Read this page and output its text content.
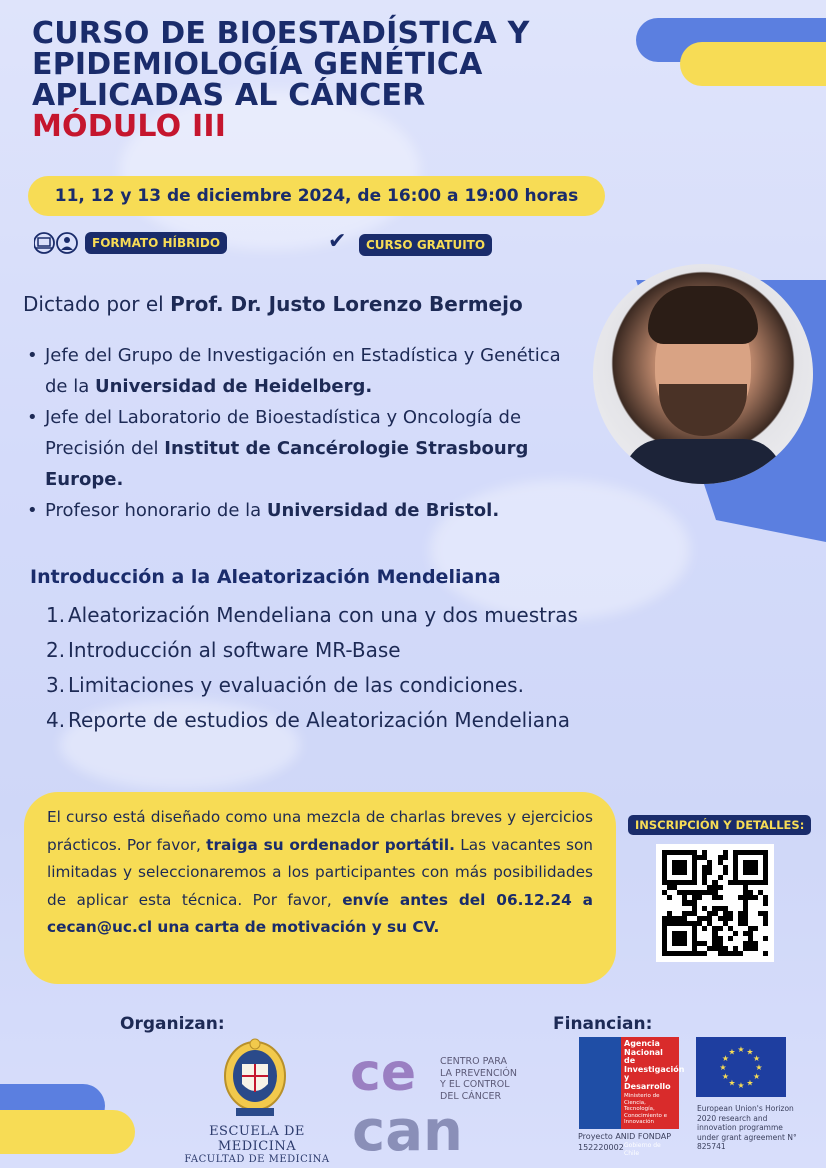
CURSO DE BIOESTADÍSTICA Y
EPIDEMIOLOGÍA GENÉTICA
APLICADAS AL CÁNCER
MÓDULO III
11, 12 y 13 de diciembre 2024, de 16:00 a 19:00 horas
FORMATO HÍBRIDO	✔	CURSO GRATUITO
Dictado por el Prof. Dr. Justo Lorenzo Bermejo
• Jefe del Grupo de Investigación en Estadística y Genética de la Universidad de Heidelberg.
• Jefe del Laboratorio de Bioestadística y Oncología de Precisión del Institut de Cancérologie Strasbourg Europe.
• Profesor honorario de la Universidad de Bristol.
Introducción a la Aleatorización Mendeliana
1. Aleatorización Mendeliana con una y dos muestras
2. Introducción al software MR-Base
3. Limitaciones y evaluación de las condiciones.
4. Reporte de estudios de Aleatorización Mendeliana
El curso está diseñado como una mezcla de charlas breves y ejercicios prácticos. Por favor, traiga su ordenador portátil. Las vacantes son limitadas y seleccionaremos a los participantes con más posibilidades de aplicar esta técnica. Por favor, envíe antes del 06.12.24 a cecan@uc.cl una carta de motivación y su CV.
INSCRIPCIÓN Y DETALLES:
Organizan:	Financian:
ESCUELA DE MEDICINA
FACULTAD DE MEDICINA
ce
can
CENTRO PARA
LA PREVENCIÓN
Y EL CONTROL
DEL CÁNCER
Agencia Nacional de Investigación y Desarrollo
Ministerio de Ciencia, Tecnología, Conocimiento e Innovación
Gobierno de Chile
Proyecto ANID FONDAP
152220002
★
★
★
★
★
★
★
★
★ ★ ★
★
European Union's Horizon 2020 research and innovation programme under grant agreement N° 825741
